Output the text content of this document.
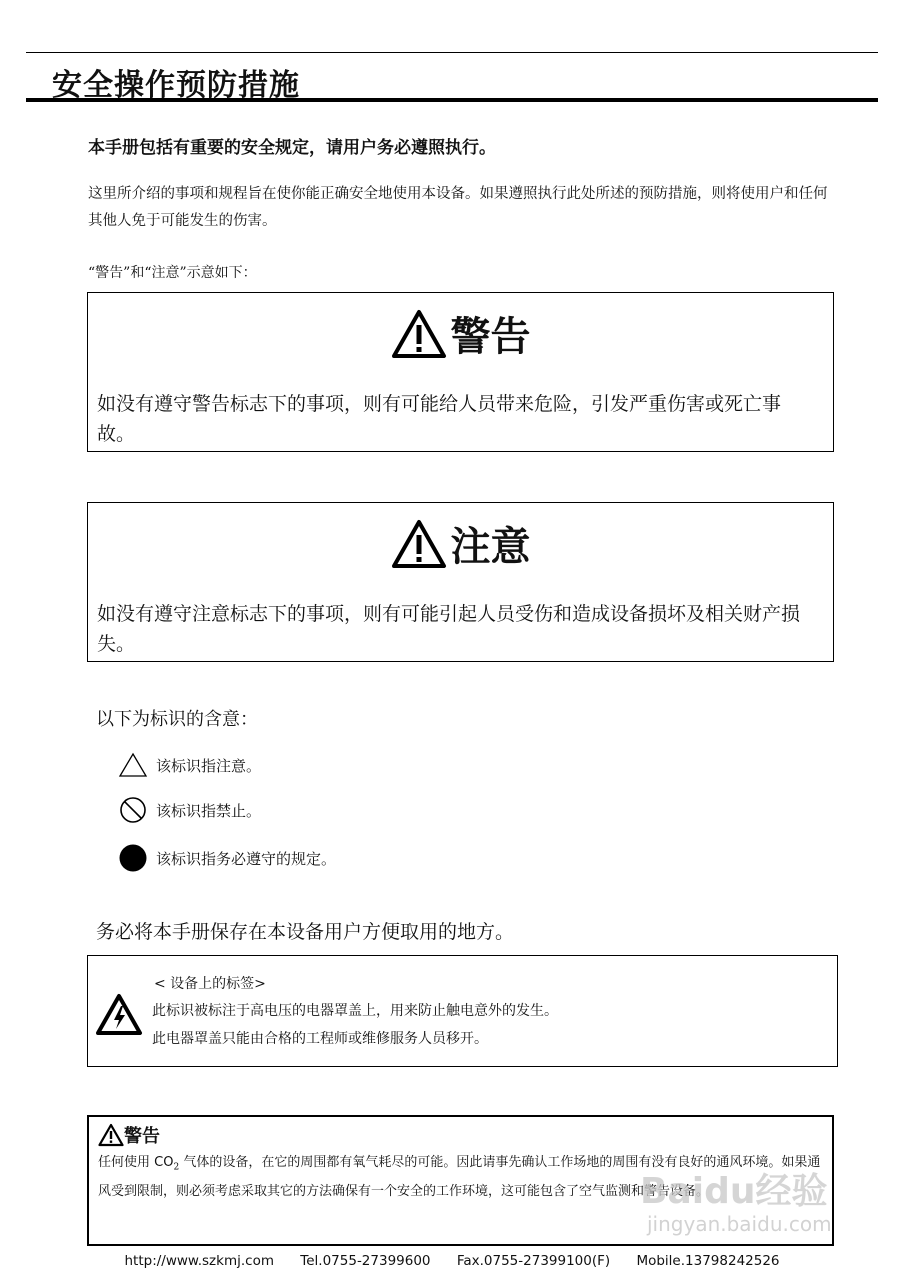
安全操作预防措施
本手册包括有重要的安全规定，请用户务必遵照执行。
这里所介绍的事项和规程旨在使你能正确安全地使用本设备。如果遵照执行此处所述的预防措施，则将使用户和任何其他人免于可能发生的伤害。
“警告”和“注意”示意如下：
警告
如没有遵守警告标志下的事项，则有可能给人员带来危险，引发严重伤害或死亡事故。
注意
如没有遵守注意标志下的事项，则有可能引起人员受伤和造成设备损坏及相关财产损失。
以下为标识的含意：
该标识指注意。
该标识指禁止。
该标识指务必遵守的规定。
务必将本手册保存在本设备用户方便取用的地方。
< 设备上的标签>
此标识被标注于高电压的电器罩盖上，用来防止触电意外的发生。
此电器罩盖只能由合格的工程师或维修服务人员移开。
警告
任何使用 $CO_2$ 气体的设备，在它的周围都有氧气耗尽的可能。因此请事先确认工作场地的周围有没有良好的通风环境。如果通风受到限制，则必须考虑采取其它的方法确保有一个安全的工作环境，这可能包含了空气监测和警告设备。
Baidu经验
jingyan.baidu.com
http://www.szkmj.com Tel.0755-27399600 Fax.0755-27399100(F) Mobile.13798242526
